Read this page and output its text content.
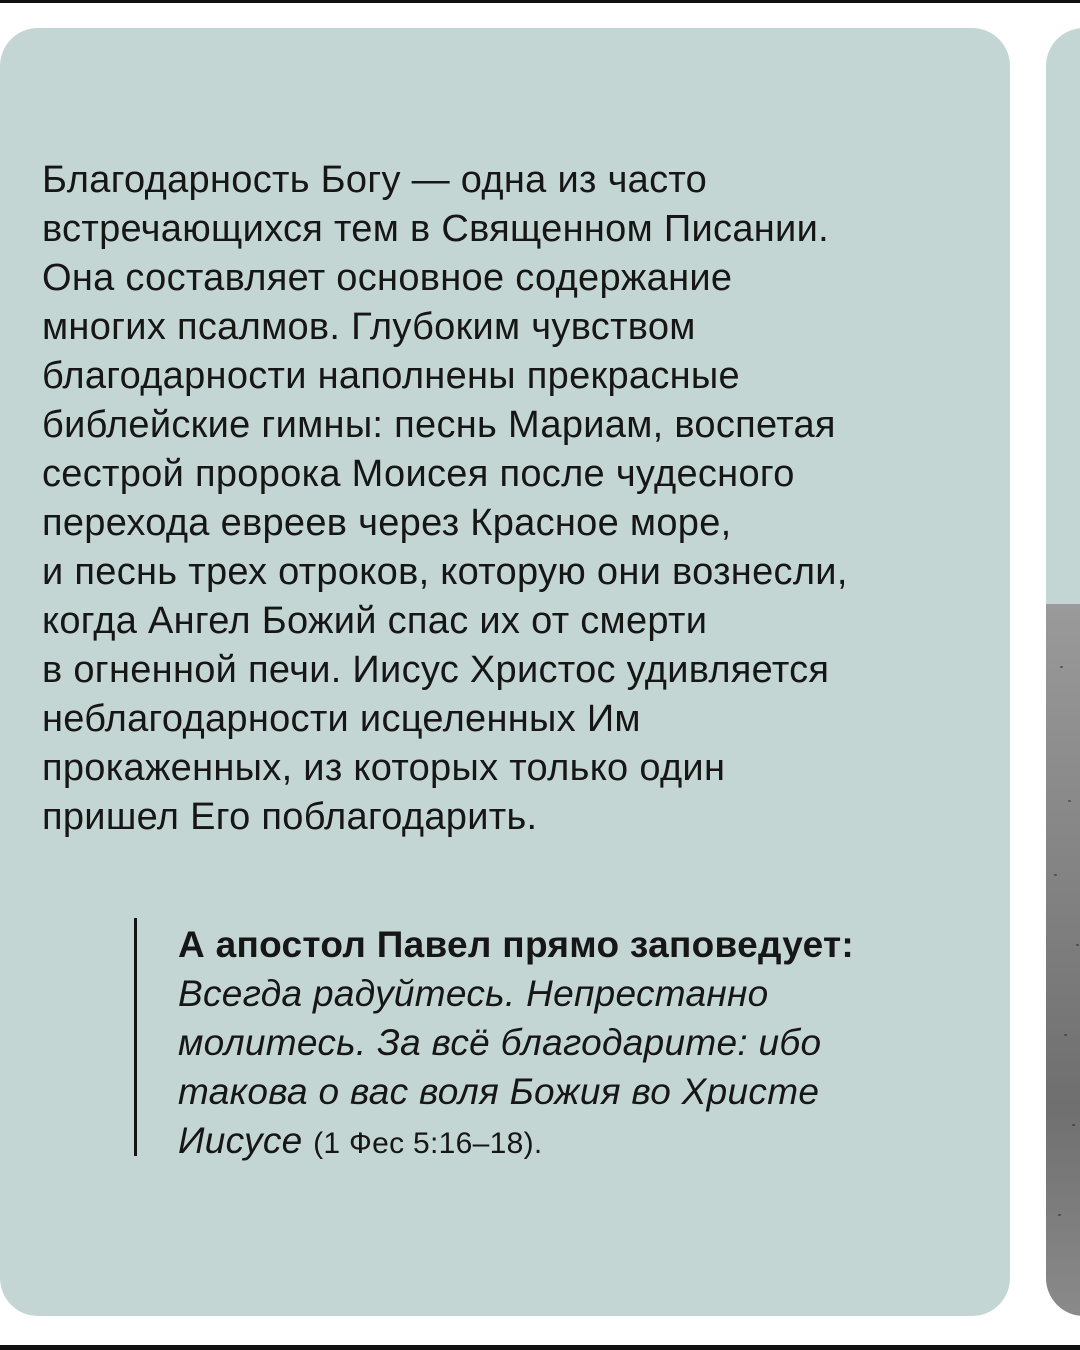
Благодарность Богу — одна из часто
встречающихся тем в Священном Писании.
Она составляет основное содержание
многих псалмов. Глубоким чувством
благодарности наполнены прекрасные
библейские гимны: песнь Мариам, воспетая
сестрой пророка Моисея после чудесного
перехода евреев через Красное море,
и песнь трех отроков, которую они вознесли,
когда Ангел Божий спас их от смерти
в огненной печи. Иисус Христос удивляется
неблагодарности исцеленных Им
прокаженных, из которых только один
пришел Его поблагодарить.

А апостол Павел прямо заповедует:
Всегда радуйтесь. Непрестанно
молитесь. За всё благодарите: ибо
такова о вас воля Божия во Христе
Иисусе (1 Фес 5:16–18).
